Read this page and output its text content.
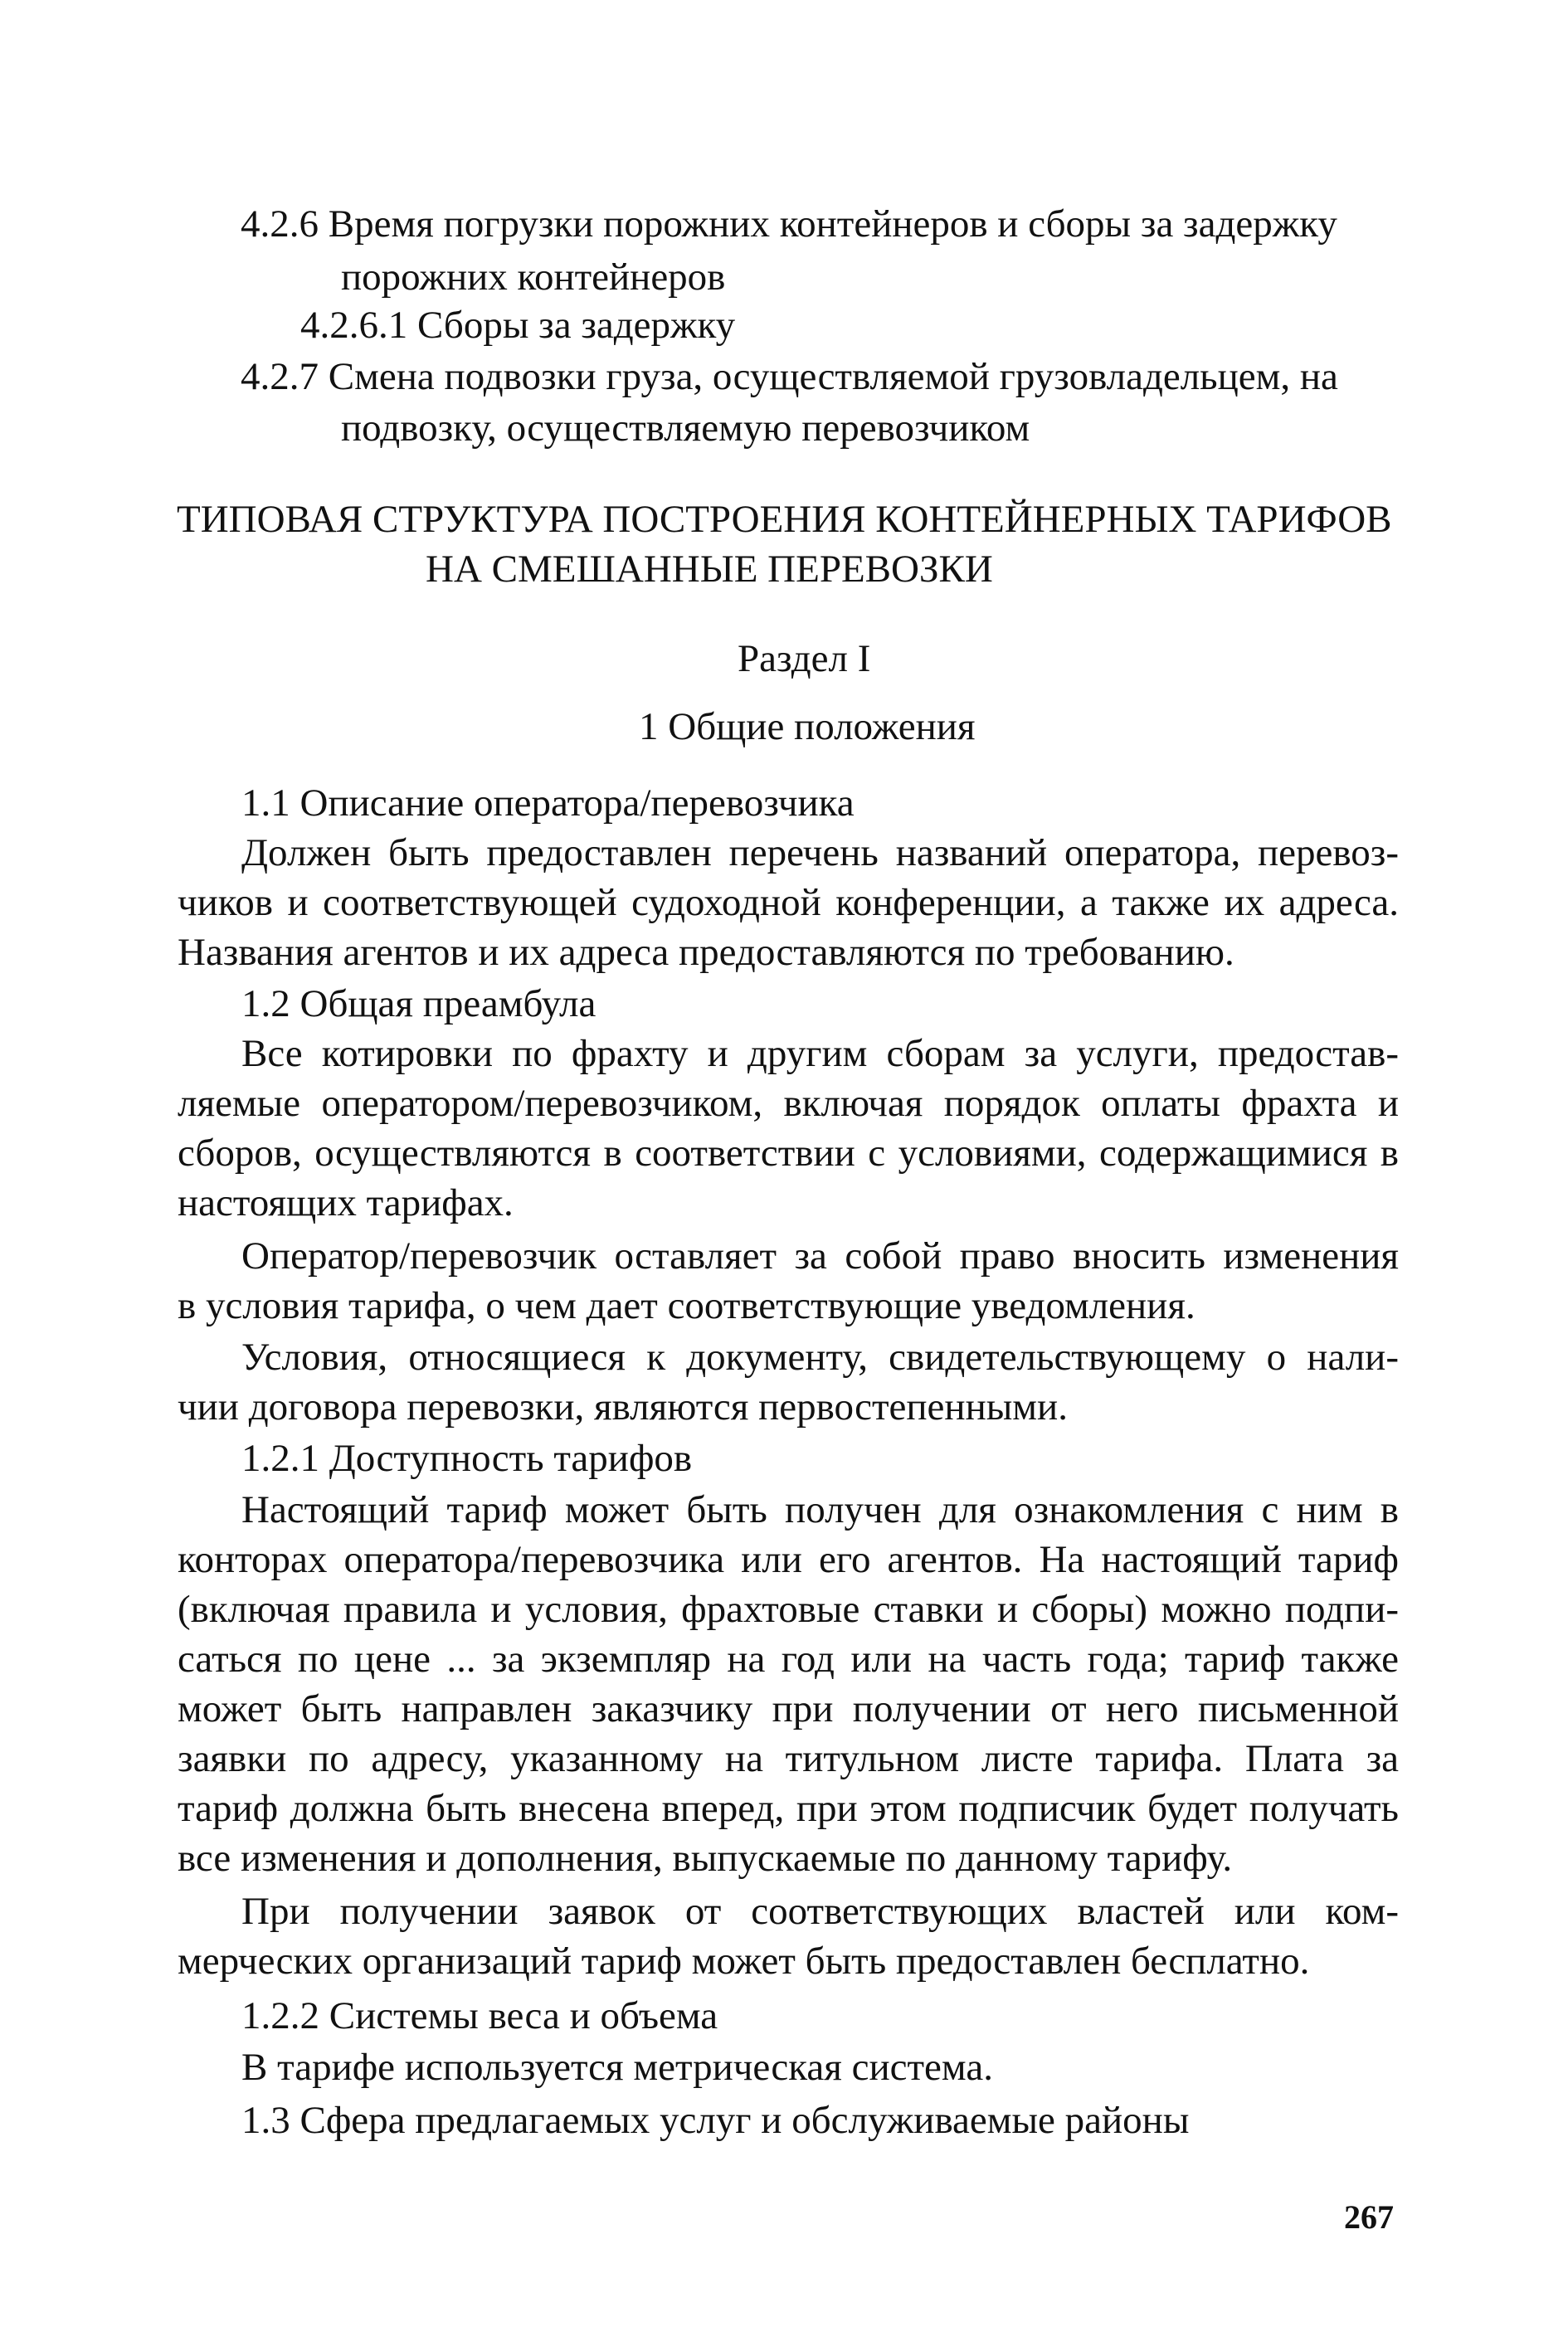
4.2.6 Время погрузки порожних контейнеров и сборы за задержку
порожних контейнеров
4.2.6.1 Сборы за задержку
4.2.7 Смена подвозки груза, осуществляемой грузовладельцем, на
подвозку, осуществляемую перевозчиком
ТИПОВАЯ СТРУКТУРА ПОСТРОЕНИЯ КОНТЕЙНЕРНЫХ ТАРИФОВ
НА СМЕШАННЫЕ ПЕРЕВОЗКИ
Раздел I
1 Общие положения
1.1 Описание оператора/перевозчика
Должен быть предоставлен перечень названий оператора, перевоз-
чиков и соответствующей судоходной конференции, а также их адреса.
Названия агентов и их адреса предоставляются по требованию.
1.2 Общая преамбула
Все котировки по фрахту и другим сборам за услуги, предостав-
ляемые оператором/перевозчиком, включая порядок оплаты фрахта и
сборов, осуществляются в соответствии с условиями, содержащимися в
настоящих тарифах.
Оператор/перевозчик оставляет за собой право вносить изменения
в условия тарифа, о чем дает соответствующие уведомления.
Условия, относящиеся к документу, свидетельствующему о нали-
чии договора перевозки, являются первостепенными.
1.2.1 Доступность тарифов
Настоящий тариф может быть получен для ознакомления с ним в
конторах оператора/перевозчика или его агентов. На настоящий тариф
(включая правила и условия, фрахтовые ставки и сборы) можно подпи-
саться по цене ... за экземпляр на год или на часть года; тариф также
может быть направлен заказчику при получении от него письменной
заявки по адресу, указанному на титульном листе тарифа. Плата за
тариф должна быть внесена вперед, при этом подписчик будет получать
все изменения и дополнения, выпускаемые по данному тарифу.
При получении заявок от соответствующих властей или ком-
мерческих организаций тариф может быть предоставлен бесплатно.
1.2.2 Системы веса и объема
В тарифе используется метрическая система.
1.3 Сфера предлагаемых услуг и обслуживаемые районы
267
